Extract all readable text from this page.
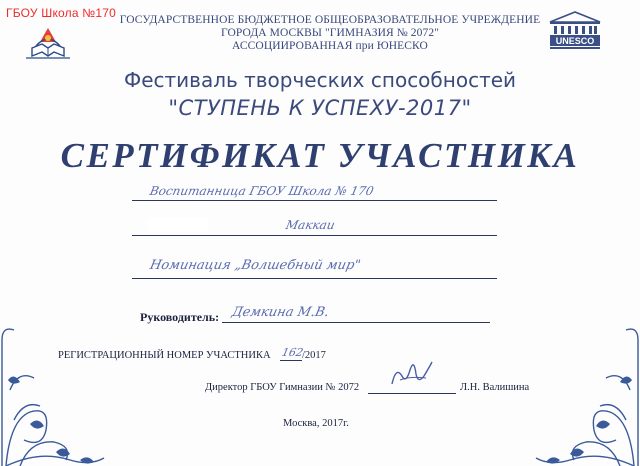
ГБОУ Школа №170 ГОСУДАРСТВЕННОЕ БЮДЖЕТНОЕ ОБЩЕОБРАЗОВАТЕЛЬНОЕ УЧРЕЖДЕНИЕ
ГОРОДА МОСКВЫ "ГИМНАЗИЯ № 2072"
АССОЦИИРОВАННАЯ при ЮНЕСКО	UNESCO
Фестиваль творческих способностей
"СТУПЕНЬ К УСПЕХУ-2017"
СЕРТИФИКАТ УЧАСТНИКА
Воспитанница ГБОУ Школа № 170
Маккаи
Номинация „Волшебный мир"
Руководитель: Демкина М.В.
РЕГИСТРАЦИОННЫЙ НОМЕР УЧАСТНИКА 162
/2017
Директор ГБОУ Гимназии № 2072	Л.Н. Валишина
Москва, 2017г.
